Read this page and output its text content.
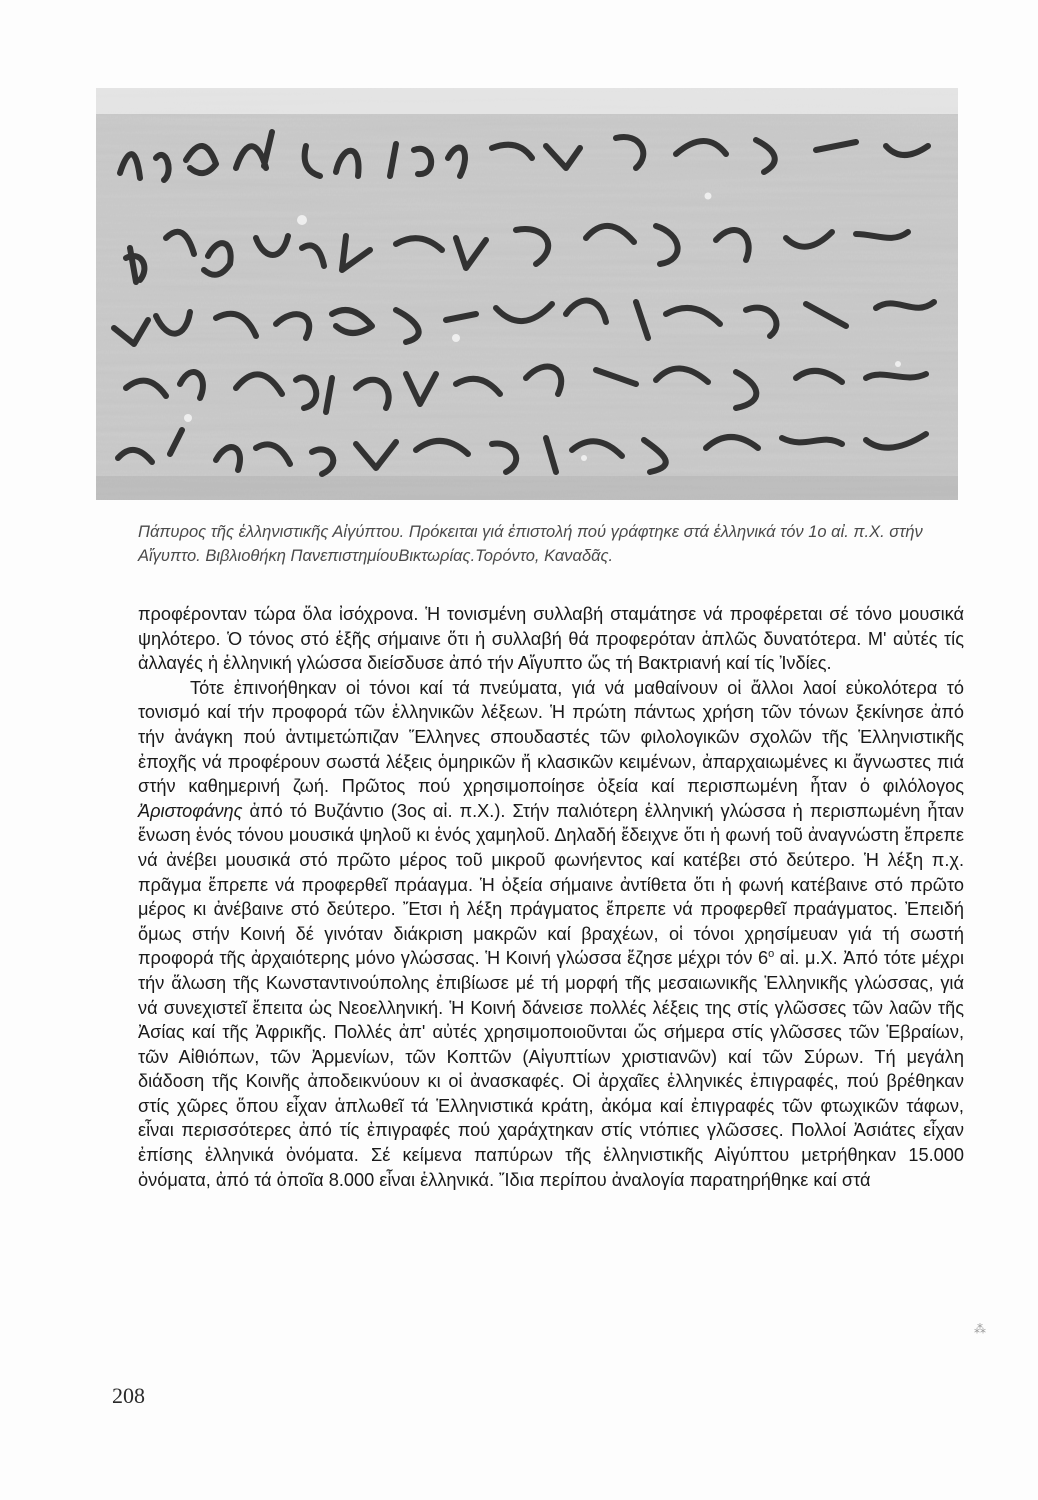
Πάπυρος τῆς ἑλληνιστικῆς Αἰγύπτου. Πρόκειται γιά ἐπιστολή πού γράφτηκε στά ἑλληνικά τόν 1ο αἰ. π.Χ. στήν Αἴγυπτο. Βιβλιοθήκη ΠανεπιστημίουΒικτωρίας.Τορόντο, Καναδᾶς.

προφέρονταν τώρα ὅλα ἰσόχρονα. Ἡ τονισμένη συλλαβή σταμάτησε νά προφέρεται σέ τόνο μουσικά ψηλότερο. Ὁ τόνος στό ἑξῆς σήμαινε ὅτι ἡ συλλαβή θά προφερόταν ἁπλῶς δυνατότερα. Μ' αὐτές τίς ἀλλαγές ἡ ἑλληνική γλώσσα διείσδυσε ἀπό τήν Αἴγυπτο ὥς τή Βακτριανή καί τίς Ἰνδίες.

Τότε ἐπινοήθηκαν οἱ τόνοι καί τά πνεύματα, γιά νά μαθαίνουν οἱ ἄλλοι λαοί εὐκολότερα τό τονισμό καί τήν προφορά τῶν ἑλληνικῶν λέξεων. Ἡ πρώτη πάντως χρήση τῶν τόνων ξεκίνησε ἀπό τήν ἀνάγκη πού ἀντιμετώπιζαν Ἕλληνες σπουδαστές τῶν φιλολογικῶν σχολῶν τῆς Ἑλληνιστικῆς ἐποχῆς νά προφέρουν σωστά λέξεις ὁμηρικῶν ἤ κλασικῶν κειμένων, ἀπαρχαιωμένες κι ἄγνωστες πιά στήν καθημερινή ζωή. Πρῶτος πού χρησιμοποίησε ὀξεία καί περισπωμένη ἦταν ὁ φιλόλογος Ἀριστοφάνης ἀπό τό Βυζάντιο (3ος αἰ. π.Χ.). Στήν παλιότερη ἑλληνική γλώσσα ἡ περισπωμένη ἦταν ἕνωση ἑνός τόνου μουσικά ψηλοῦ κι ἑνός χαμηλοῦ. Δηλαδή ἔδειχνε ὅτι ἡ φωνή τοῦ ἀναγνώστη ἔπρεπε νά ἀνέβει μουσικά στό πρῶτο μέρος τοῦ μικροῦ φωνήεντος καί κατέβει στό δεύτερο. Ἡ λέξη π.χ. πρᾶγμα ἔπρεπε νά προφερθεῖ πράαγμα. Ἡ ὀξεία σήμαινε ἀντίθετα ὅτι ἡ φωνή κατέβαινε στό πρῶτο μέρος κι ἀνέβαινε στό δεύτερο. Ἔτσι ἡ λέξη πράγματος ἔπρεπε νά προφερθεῖ πραάγματος. Ἐπειδή ὅμως στήν Κοινή δέ γινόταν διάκριση μακρῶν καί βραχέων, οἱ τόνοι χρησίμευαν γιά τή σωστή προφορά τῆς ἀρχαιότερης μόνο γλώσσας. Ἡ Κοινή γλώσσα ἔζησε μέχρι τόν $6^o$ αἰ. μ.Χ. Ἀπό τότε μέχρι τήν ἅλωση τῆς Κωνσταντινούπολης ἐπιβίωσε μέ τή μορφή τῆς μεσαιωνικῆς Ἑλληνικῆς γλώσσας, γιά νά συνεχιστεῖ ἔπειτα ὡς Νεοελληνική. Ἡ Κοινή δάνεισε πολλές λέξεις της στίς γλῶσσες τῶν λαῶν τῆς Ἀσίας καί τῆς Ἀφρικῆς. Πολλές ἀπ' αὐτές χρησιμοποιοῦνται ὥς σήμερα στίς γλῶσσες τῶν Ἑβραίων, τῶν Αἰθιόπων, τῶν Ἀρμενίων, τῶν Κοπτῶν (Αἰγυπτίων χριστιανῶν) καί τῶν Σύρων. Τή μεγάλη διάδοση τῆς Κοινῆς ἀποδεικνύουν κι οἱ ἀνασκαφές. Οἱ ἀρχαῖες ἑλληνικές ἐπιγραφές, πού βρέθηκαν στίς χῶρες ὅπου εἶχαν ἁπλωθεῖ τά Ἑλληνιστικά κράτη, ἀκόμα καί ἐπιγραφές τῶν φτωχικῶν τάφων, εἶναι περισσότερες ἀπό τίς ἐπιγραφές πού χαράχτηκαν στίς ντόπιες γλῶσσες. Πολλοί Ἀσιάτες εἶχαν ἐπίσης ἑλληνικά ὀνόματα. Σέ κείμενα παπύρων τῆς ἑλληνιστικῆς Αἰγύπτου μετρήθηκαν 15.000 ὀνόματα, ἀπό τά ὁποῖα 8.000 εἶναι ἑλληνικά. Ἴδια περίπου ἀναλογία παρατηρήθηκε καί στά

⁂
208
